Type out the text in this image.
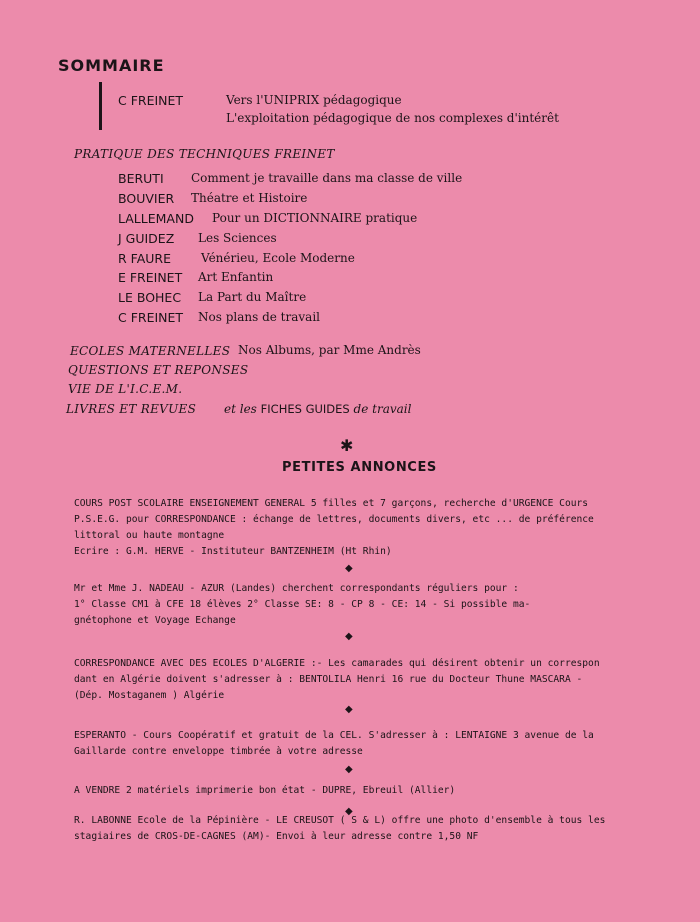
SOMMAIRE
C FREINET	Vers l'UNIPRIX pédagogique
L'exploitation pédagogique de nos complexes d'intérêt
PRATIQUE DES TECHNIQUES FREINET
BERUTI Comment je travaille dans ma classe de ville
BOUVIER Théatre et Histoire
LALLEMAND Pour un DICTIONNAIRE pratique
J GUIDEZ Les Sciences
R FAURE	Vénérieu, Ecole Moderne
E FREINET Art Enfantin
LE BOHEC La Part du Maître
C FREINET Nos plans de travail
ECOLES MATERNELLES Nos Albums, par Mme Andrès
QUESTIONS ET REPONSES
VIE DE L'I.C.E.M.
LIVRES ET REVUES et les FICHES GUIDES de travail
✱
PETITES ANNONCES
COURS POST SCOLAIRE ENSEIGNEMENT GENERAL 5 filles et 7 garçons, recherche d'URGENCE Cours
P.S.E.G. pour CORRESPONDANCE : échange de lettres, documents divers, etc ... de préférence
littoral ou haute montagne
Ecrire : G.M. HERVE - Instituteur BANTZENHEIM (Ht Rhin)
◆
Mr et Mme J. NADEAU - AZUR (Landes) cherchent correspondants réguliers pour :
1° Classe CM1 à CFE 18 élèves 2° Classe SE: 8 - CP 8 - CE: 14 - Si possible ma-
gnétophone et Voyage Echange
◆
CORRESPONDANCE AVEC DES ECOLES D'ALGERIE :- Les camarades qui désirent obtenir un correspon
dant en Algérie doivent s'adresser à : BENTOLILA Henri 16 rue du Docteur Thune MASCARA -
(Dép. Mostaganem ) Algérie
◆
ESPERANTO - Cours Coopératif et gratuit de la CEL. S'adresser à : LENTAIGNE 3 avenue de la
Gaillarde contre enveloppe timbrée à votre adresse
◆
A VENDRE 2 matériels imprimerie bon état - DUPRE, Ebreuil (Allier)
◆
R. LABONNE Ecole de la Pépinière - LE CREUSOT ( S & L) offre une photo d'ensemble à tous les
stagiaires de CROS-DE-CAGNES (AM)- Envoi à leur adresse contre 1,50 NF
